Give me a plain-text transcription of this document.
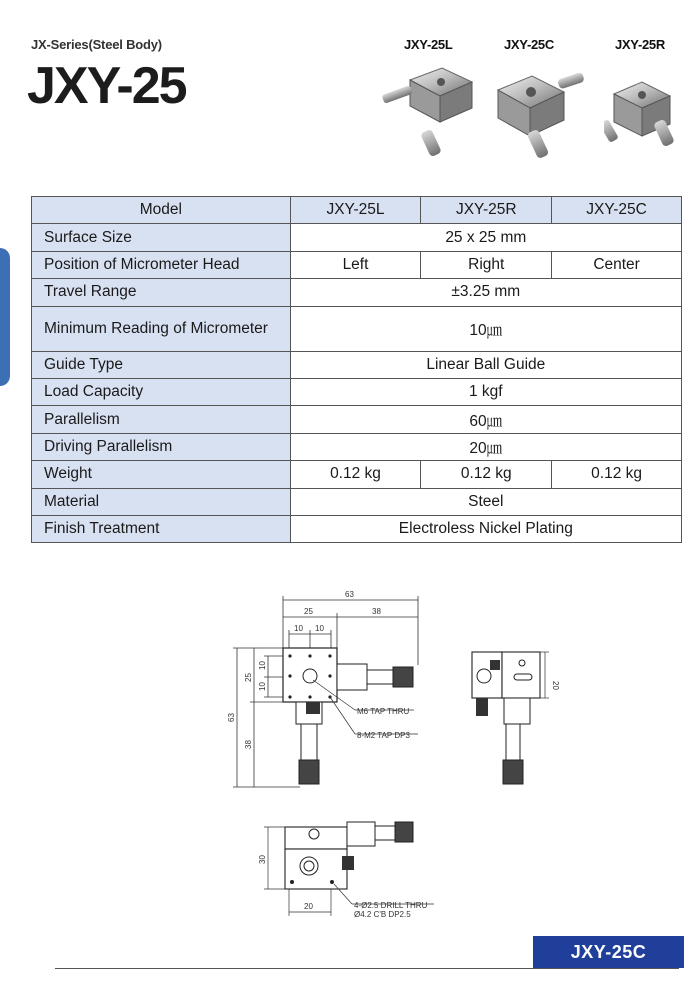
JX-Series(Steel Body)
JXY-25
JXY-25L	JXY-25C	JXY-25R
Model	JXY-25L	JXY-25R	JXY-25C
Surface Size	25 x 25 mm		
Position of Micrometer Head	Left	Right	Center
Travel Range	±3.25 mm		
Minimum Reading of Micrometer	10㎛		
Guide Type	Linear Ball Guide		
Load Capacity	1 kgf		
Parallelism	60㎛		
Driving Parallelism	20㎛		
Weight	0.12 kg	0.12 kg	0.12 kg
Material	Steel		
Finish Treatment	Electroless Nickel Plating		
63
25	38
10 10
25
10
10
63
38
20
30
20
M6 TAP THRU
8-M2 TAP DP3
4-Ø2.5 DRILL THRU
Ø4.2 C'B DP2.5
JXY-25C
